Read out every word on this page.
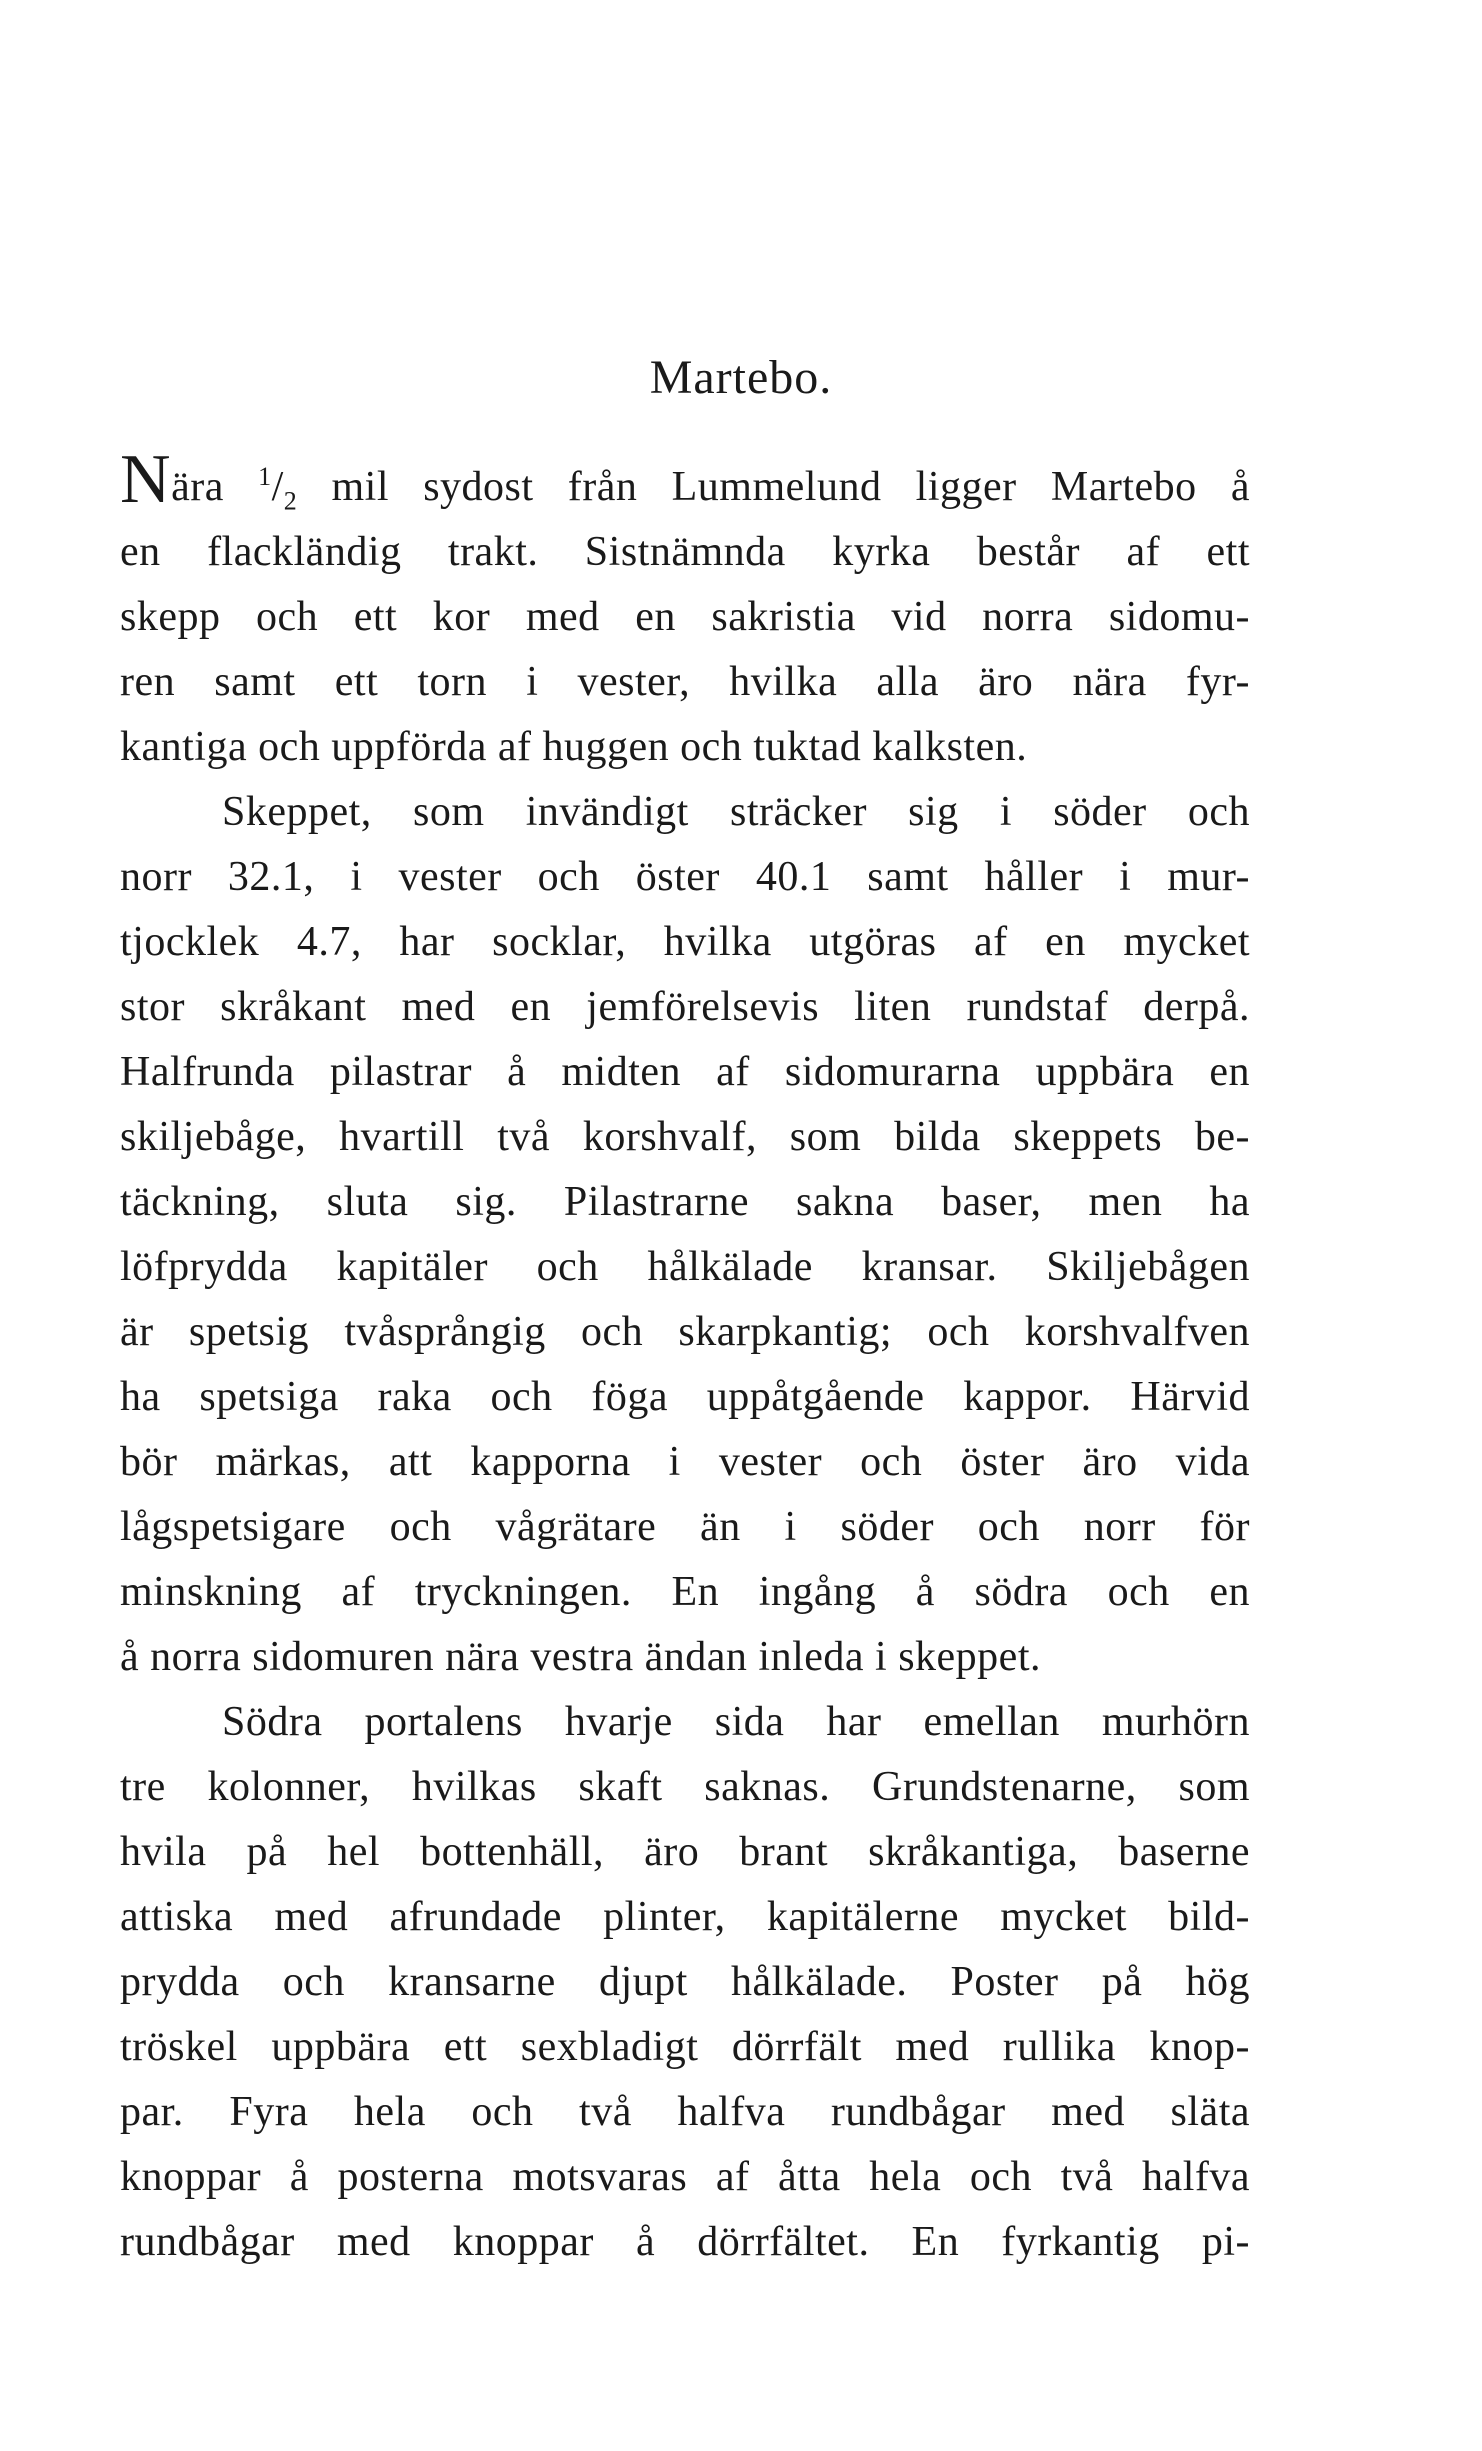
Martebo.
Nära $^1/_2$ mil sydost från Lummelund ligger Martebo å
en flackländig trakt. Sistnämnda kyrka består af ett
skepp och ett kor med en sakristia vid norra sidomu-
ren samt ett torn i vester, hvilka alla äro nära fyr-
kantiga och uppförda af huggen och tuktad kalksten.
Skeppet, som invändigt sträcker sig i söder och
norr 32.1, i vester och öster 40.1 samt håller i mur-
tjocklek 4.7, har socklar, hvilka utgöras af en mycket
stor skråkant med en jemförelsevis liten rundstaf derpå.
Halfrunda pilastrar å midten af sidomurarna uppbära en
skiljebåge, hvartill två korshvalf, som bilda skeppets be-
täckning, sluta sig. Pilastrarne sakna baser, men ha
löfprydda kapitäler och hålkälade kransar. Skiljebågen
är spetsig tvåsprångig och skarpkantig; och korshvalfven
ha spetsiga raka och föga uppåtgående kappor. Härvid
bör märkas, att kapporna i vester och öster äro vida
lågspetsigare och vågrätare än i söder och norr för
minskning af tryckningen. En ingång å södra och en
å norra sidomuren nära vestra ändan inleda i skeppet.
Södra portalens hvarje sida har emellan murhörn
tre kolonner, hvilkas skaft saknas. Grundstenarne, som
hvila på hel bottenhäll, äro brant skråkantiga, baserne
attiska med afrundade plinter, kapitälerne mycket bild-
prydda och kransarne djupt hålkälade. Poster på hög
tröskel uppbära ett sexbladigt dörrfält med rullika knop-
par. Fyra hela och två halfva rundbågar med släta
knoppar å posterna motsvaras af åtta hela och två halfva
rundbågar med knoppar å dörrfältet. En fyrkantig pi-
